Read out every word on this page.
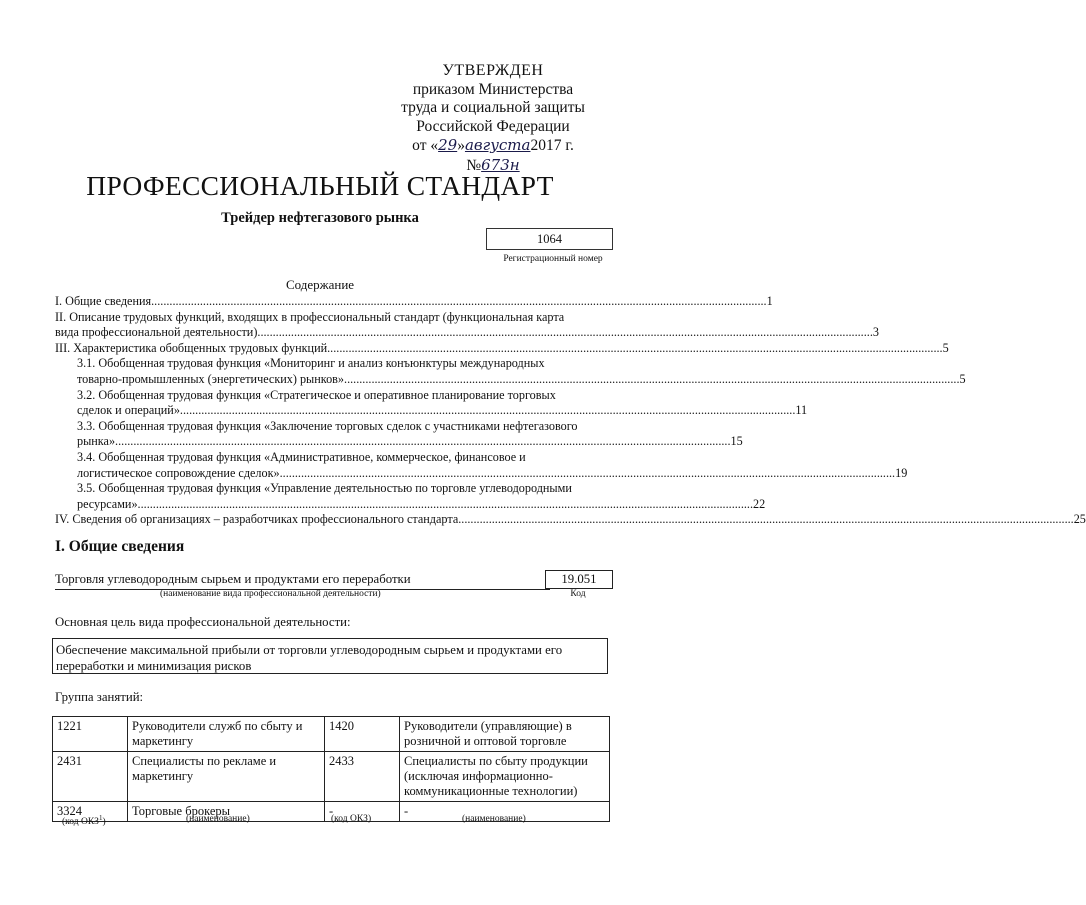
УТВЕРЖДЕН
приказом Министерства
труда и социальной защиты
Российской Федерации
от «29»августа2017 г. №673н
ПРОФЕССИОНАЛЬНЫЙ СТАНДАРТ
Трейдер нефтегазового рынка
1064
Регистрационный номер
Содержание
I. Общие сведения .......................................................................................................................................................................................................... 1
II. Описание трудовых функций, входящих в профессиональный стандарт (функциональная карта
вида профессиональной деятельности) .......................................................................................................................................................................................................... 3
III. Характеристика обобщенных трудовых функций .......................................................................................................................................................................................................... 5
3.1. Обобщенная трудовая функция «Мониторинг и анализ конъюнктуры международных
товарно-промышленных (энергетических) рынков» .......................................................................................................................................................................................................... 5
3.2. Обобщенная трудовая функция «Стратегическое и оперативное планирование торговых
сделок и операций» .......................................................................................................................................................................................................... 11
3.3. Обобщенная трудовая функция «Заключение торговых сделок с участниками нефтегазового
рынка» .......................................................................................................................................................................................................... 15
3.4. Обобщенная трудовая функция «Административное, коммерческое, финансовое и
логистическое сопровождение сделок» .......................................................................................................................................................................................................... 19
3.5. Обобщенная трудовая функция «Управление деятельностью по торговле углеводородными
ресурсами» .......................................................................................................................................................................................................... 22
IV. Сведения об организациях – разработчиках профессионального стандарта .......................................................................................................................................................................................................... 25
I. Общие сведения
Торговля углеводородным сырьем и продуктами его переработки
(наименование вида профессиональной деятельности)
19.051
Код
Основная цель вида профессиональной деятельности:
Обеспечение максимальной прибыли от торговли углеводородным сырьем и продуктами его переработки и минимизация рисков
Группа занятий:
1221	Руководители служб по сбыту и маркетингу	1420	Руководители (управляющие) в розничной и оптовой торговле
2431	Специалисты по рекламе и маркетингу	2433	Специалисты по сбыту продукции (исключая информационно-коммуникационные технологии)
3324	Торговые брокеры	-	-
(код ОКЗ$^1$)	(наименование)	(код ОКЗ)	(наименование)
